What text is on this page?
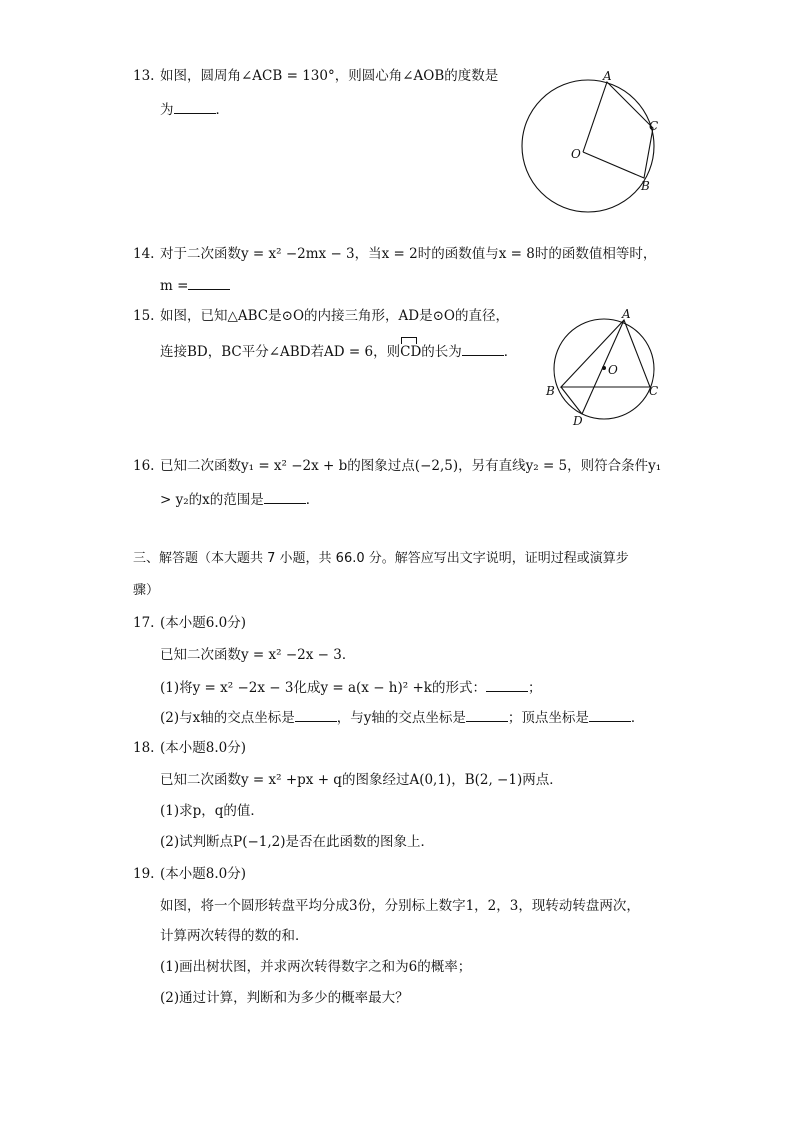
13. 如图，圆周角∠ACB = 130°，则圆心角∠AOB的度数是
为	．
A
C
B
O
14. 对于二次函数y = x² −2mx − 3，当x = 2时的函数值与x = 8时的函数值相等时，
m =
15. 如图，已知△ABC是⊙O的内接三角形，AD是⊙O的直径，
连接BD，BC平分∠ABD若AD = 6，则
CD的长为	．
A
B	C
D
O
16. 已知二次函数y₁ = x² −2x + b的图象过点(−2,5)，另有直线y₂ = 5，则符合条件y₁
> y₂的x的范围是	．
三、解答题（本大题共 7 小题，共 66.0 分。解答应写出文字说明，证明过程或演算步
骤）
17. (本小题6.0分)
已知二次函数y = x² −2x − 3．
(1)将y = x² −2x − 3化成y = a(x − h)² +k的形式：	；
(2)与x轴的交点坐标是	，与y轴的交点坐标是	；顶点坐标是	．
18. (本小题8.0分)
已知二次函数y = x² +px + q的图象经过A(0,1)，B(2, −1)两点．
(1)求p，q的值．
(2)试判断点P(−1,2)是否在此函数的图象上．
19. (本小题8.0分)
如图，将一个圆形转盘平均分成3份，分别标上数字1，2，3，现转动转盘两次，
计算两次转得的数的和．
(1)画出树状图，并求两次转得数字之和为6的概率；
(2)通过计算，判断和为多少的概率最大？
